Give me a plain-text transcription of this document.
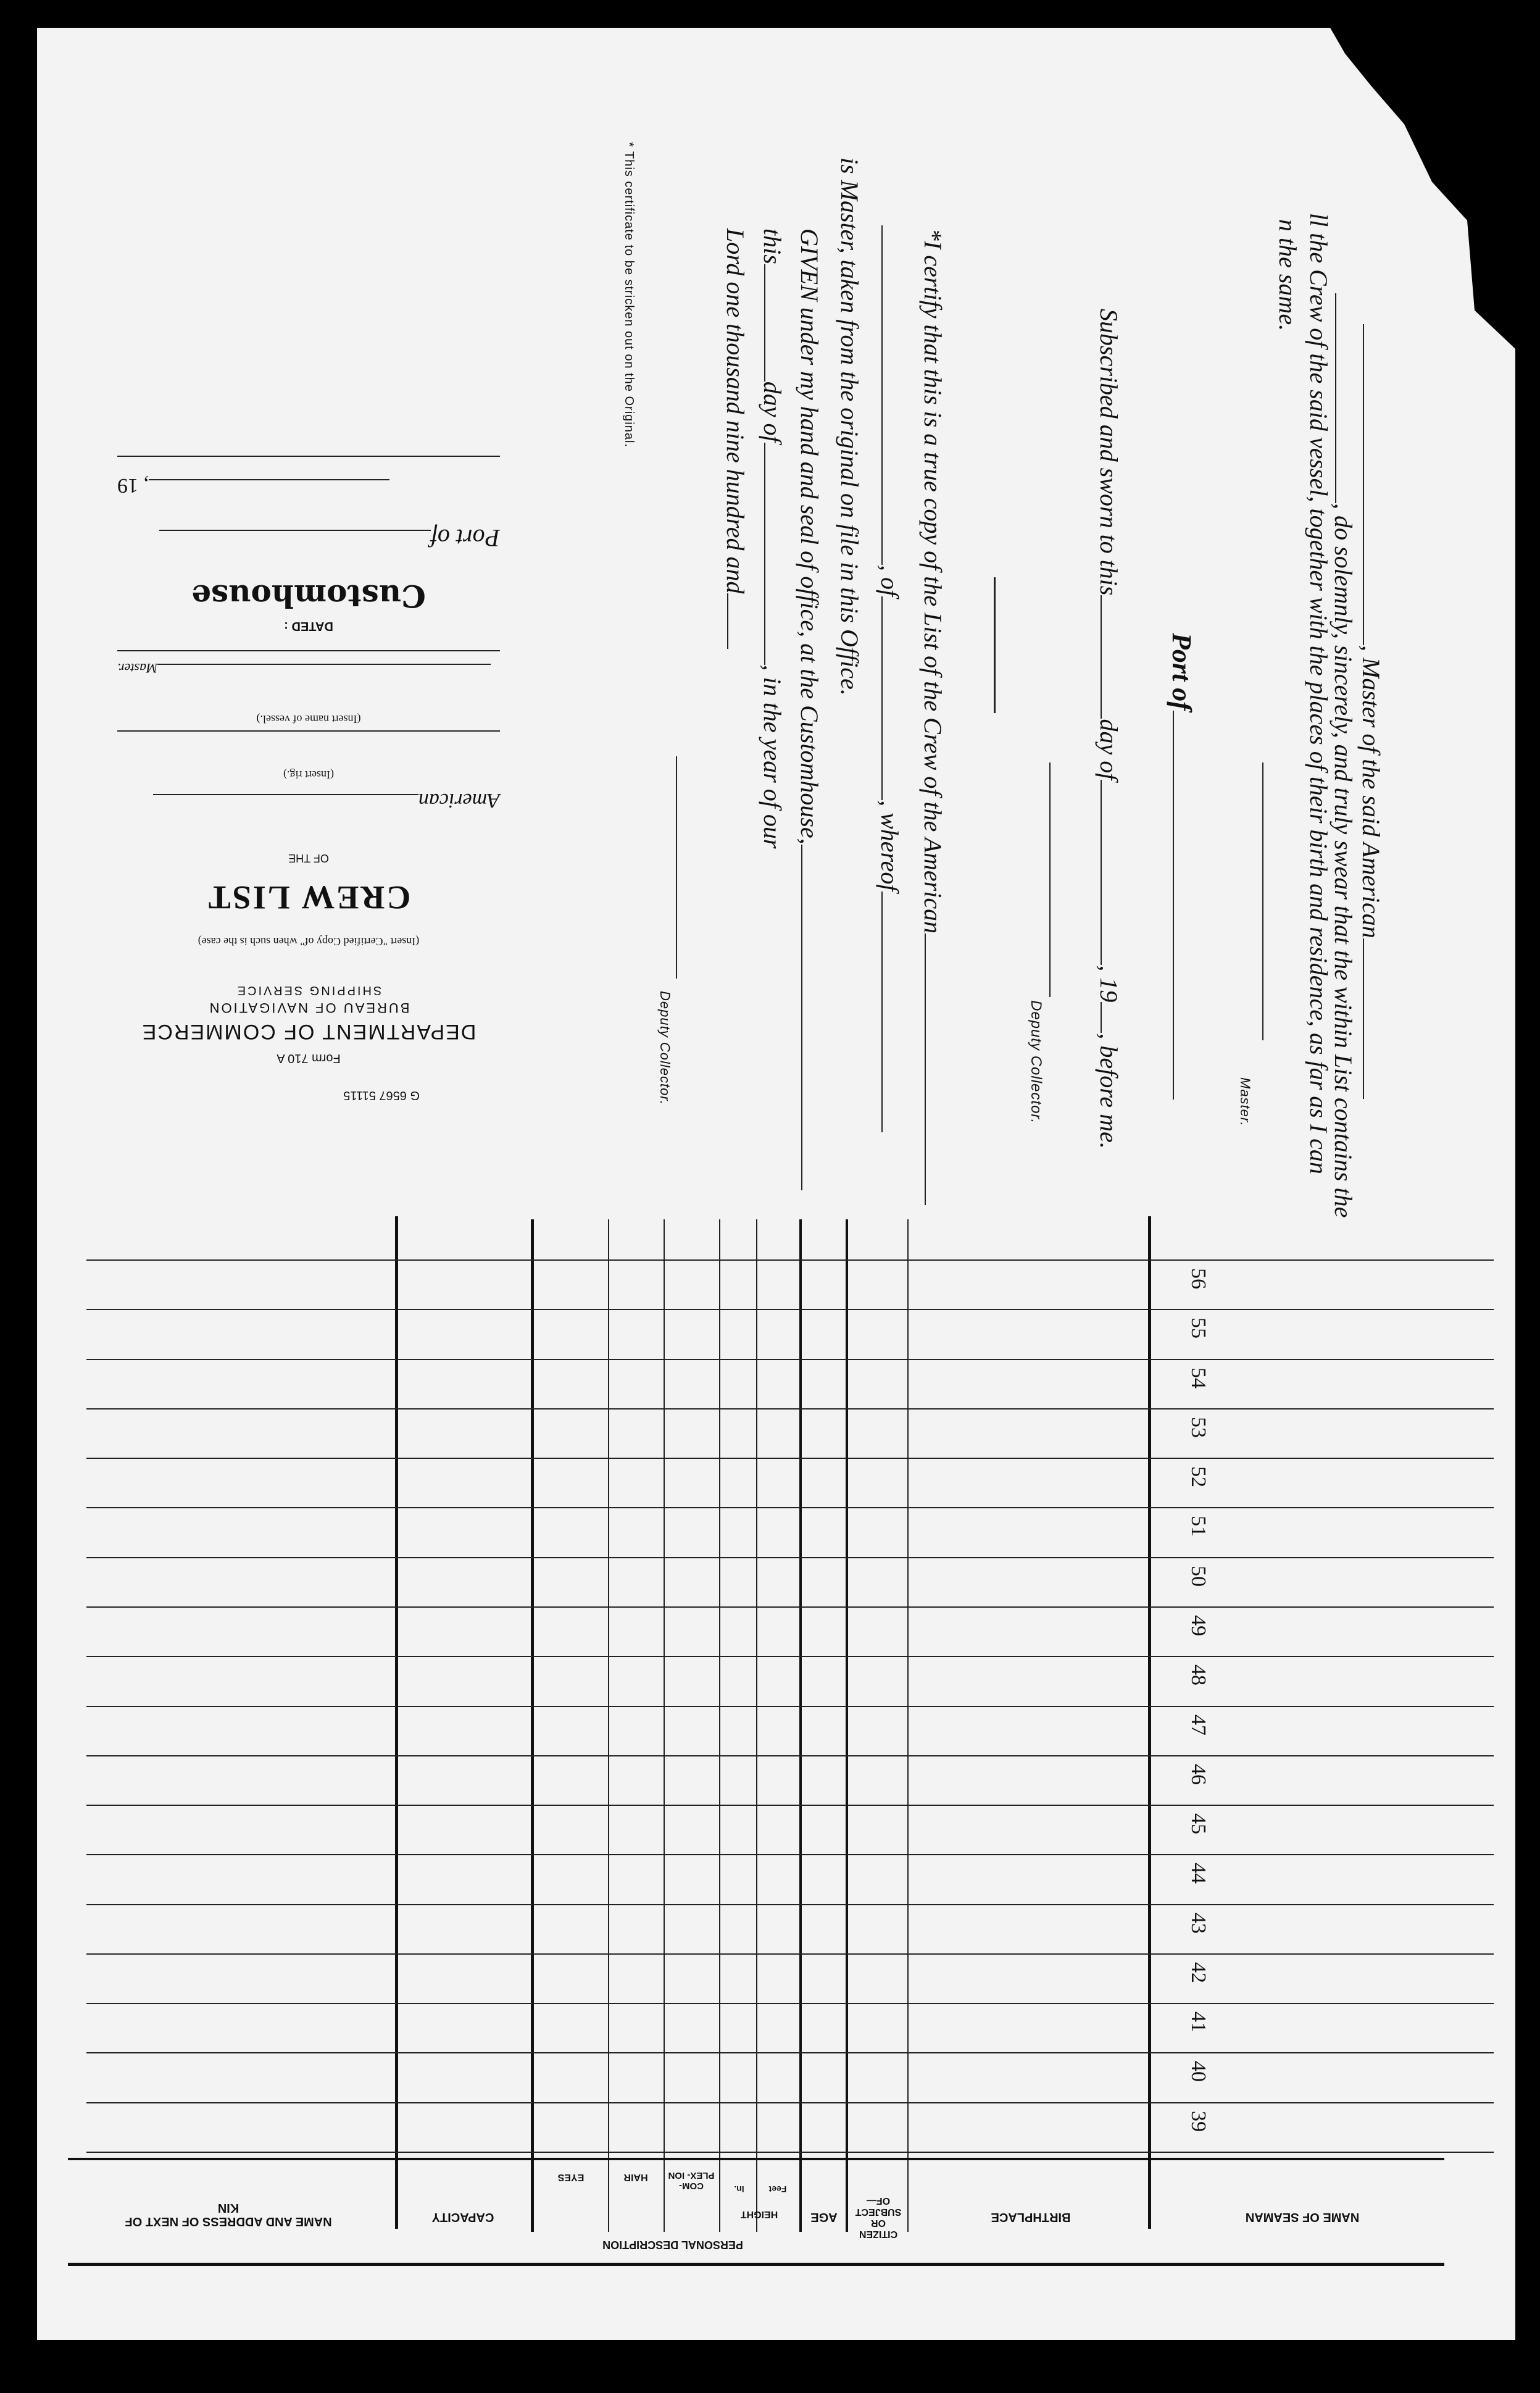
, Master of the said American
ll the Crew of the said vessel, together with the places of their birth and residence, as far as I can
n the same.
, do solemnly, sincerely, and truly swear that the within List contains the
Master.
Port of
Subscribed and sworn to thisday of, 19, before me.
Deputy Collector.
*I certify that this is a true copy of the List of the Crew of the American
, of, whereof
is Master, taken from the original on file in this Office.
GIVEN under my hand and seal of office, at the Customhouse,
thisday of, in the year of our
Lord one thousand nine hundred and
Deputy Collector.
* This certificate to be stricken out on the Original.
G 6567 51115
Form 710 A
DEPARTMENT OF COMMERCE
BUREAU OF NAVIGATION
SHIPPING SERVICE
(Insert "Certified Copy of" when such is the case)
CREW LIST
OF THE
American
(Insert rig.)
(Insert name of vessel.)
Master.
DATED :
Customhouse
Port of
, 19
NAME OF SEAMAN
BIRTHPLACE
CITIZEN OR SUBJECT OF—
AGE
PERSONAL DESCRIPTION
HEIGHT
Feet
In.
COM- PLEX- ION
HAIR
EYES
CAPACITY
NAME AND ADDRESS OF NEXT OF KIN
56
55
54
53
52
51
50
49
48
47
46
45
44
43
42
41
40
39
